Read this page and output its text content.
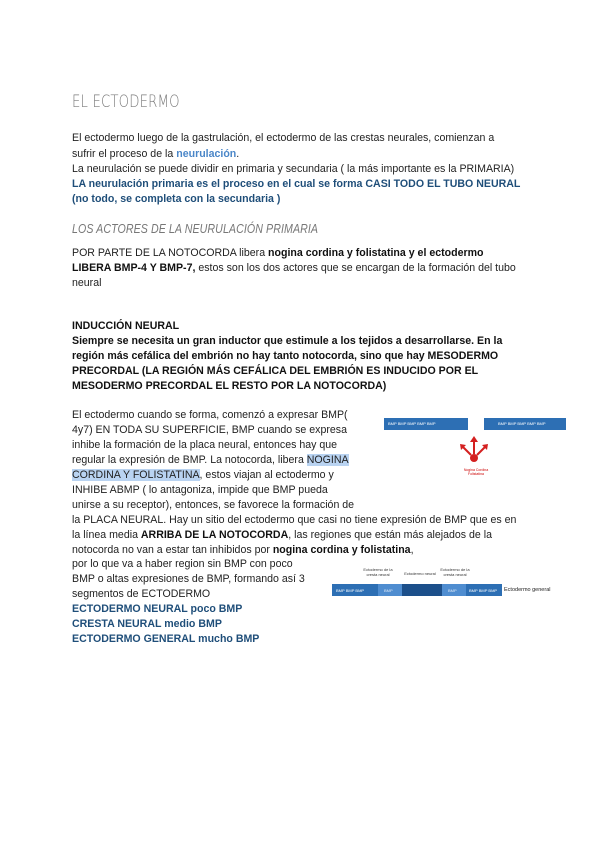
EL ECTODERMO
El ectodermo luego de la gastrulación, el ectodermo de las crestas neurales, comienzan a
sufrir el proceso de la neurulación.
La neurulación se puede dividir en primaria y secundaria ( la más importante es la PRIMARIA)
LA neurulación primaria es el proceso en el cual se forma CASI TODO EL TUBO NEURAL
(no todo, se completa con la secundaria )
LOS ACTORES DE LA NEURULACIÓN PRIMARIA
POR PARTE DE LA NOTOCORDA libera nogina cordina y folistatina y el ectodermo
LIBERA BMP-4 Y BMP-7, estos son los dos actores que se encargan de la formación del tubo
neural
INDUCCIÓN NEURAL
Siempre se necesita un gran inductor que estimule a los tejidos a desarrollarse. En la
región más cefálica del embrión no hay tanto notocorda, sino que hay MESODERMO
PRECORDAL (LA REGIÓN MÁS CEFÁLICA DEL EMBRIÓN ES INDUCIDO POR EL
MESODERMO PRECORDAL EL RESTO POR LA NOTOCORDA)
El ectodermo cuando se forma, comenzó a expresar BMP(
4y7) EN TODA SU SUPERFICIE, BMP cuando se expresa
inhibe la formación de la placa neural, entonces hay que
regular la expresión de BMP. La notocorda, libera NOGINA
CORDINA Y FOLISTATINA, estos viajan al ectodermo y
INHIBE ABMP ( lo antagoniza, impide que BMP pueda
unirse a su receptor), entonces, se favorece la formación de
la PLACA NEURAL. Hay un sitio del ectodermo que casi no tiene expresión de BMP que es en
la línea media ARRIBA DE LA NOTOCORDA, las regiones que están más alejados de la
notocorda no van a estar tan inhibidos por nogina cordina y folistatina,
por lo que va a haber region sin BMP con poco
BMP o altas expresiones de BMP, formando así 3
segmentos de ECTODERMO
ECTODERMO NEURAL poco BMP
CRESTA NEURAL medio BMP
ECTODERMO GENERAL mucho BMP
BMP BMP BMP BMP BMP	BMP BMP BMP BMP BMP
Nogina Cordina Folistatina
Ectodermo de la cresta neural	Ectodermo neural
Ectodermo de la cresta neural
BMP BMP BMP	BMP	BMP	BMP BMP BMP Ectodermo general
